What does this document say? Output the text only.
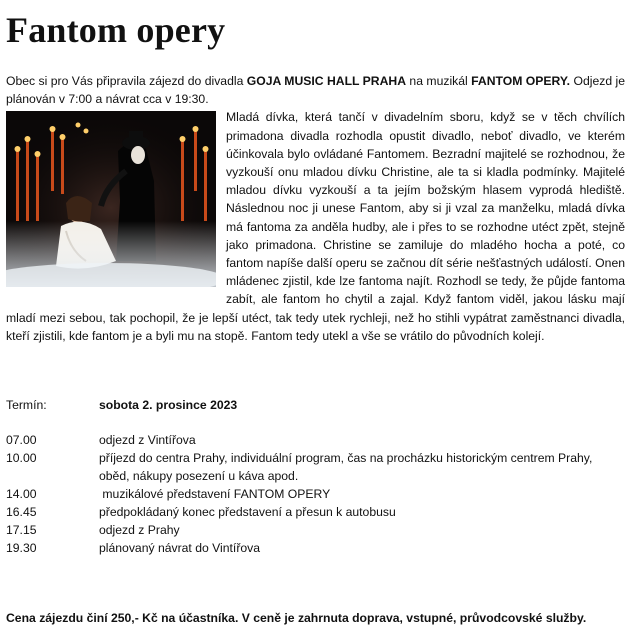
Fantom opery

Obec si pro Vás připravila zájezd do divadla GOJA MUSIC HALL PRAHA na muzikál FANTOM OPERY. Odjezd je plánován v 7:00 a návrat cca v 19:30.

Mladá dívka, která tančí v divadelním sboru, když se v těch chvílích primadona divadla rozhodla opustit divadlo, neboť divadlo, ve kterém účinkovala bylo ovládané Fantomem. Bezradní majitelé se rozhodnou, že vyzkouší onu mladou dívku Christine, ale ta si kladla podmínky. Majitelé mladou dívku vyzkouší a ta jejím božským hlasem vyprodá hlediště. Následnou noc ji unese Fantom, aby si ji vzal za manželku, mladá dívka má fantoma za anděla hudby, ale i přes to se rozhodne utéct zpět, stejně jako primadona. Christine se zamiluje do mladého hocha a poté, co fantom napíše další operu se začnou dít série nešťastných událostí. Onen mládenec zjistil, kde lze fantoma najít. Rozhodl se tedy, že půjde fantoma zabít, ale fantom ho chytil a zajal. Když fantom viděl, jakou lásku mají mladí mezi sebou, tak pochopil, že je lepší utéct, tak tedy utek rychleji, než ho stihli vypátrat zaměstnanci divadla, kteří zjistili, kde fantom je a byli mu na stopě. Fantom tedy utekl a vše se vrátilo do původních kolejí.

Termín:	sobota 2. prosince 2023
07.00	odjezd z Vintířova
10.00	příjezd do centra Prahy, individuální program, čas na procházku historickým centrem Prahy, oběd, nákupy posezení u káva apod.
14.00	muzikálové představení FANTOM OPERY
16.45	předpokládaný konec představení a přesun k autobusu
17.15	odjezd z Prahy
19.30	plánovaný návrat do Vintířova
Cena zájezdu činí 250,- Kč na účastníka. V ceně je zahrnuta doprava, vstupné, průvodcovské služby.
